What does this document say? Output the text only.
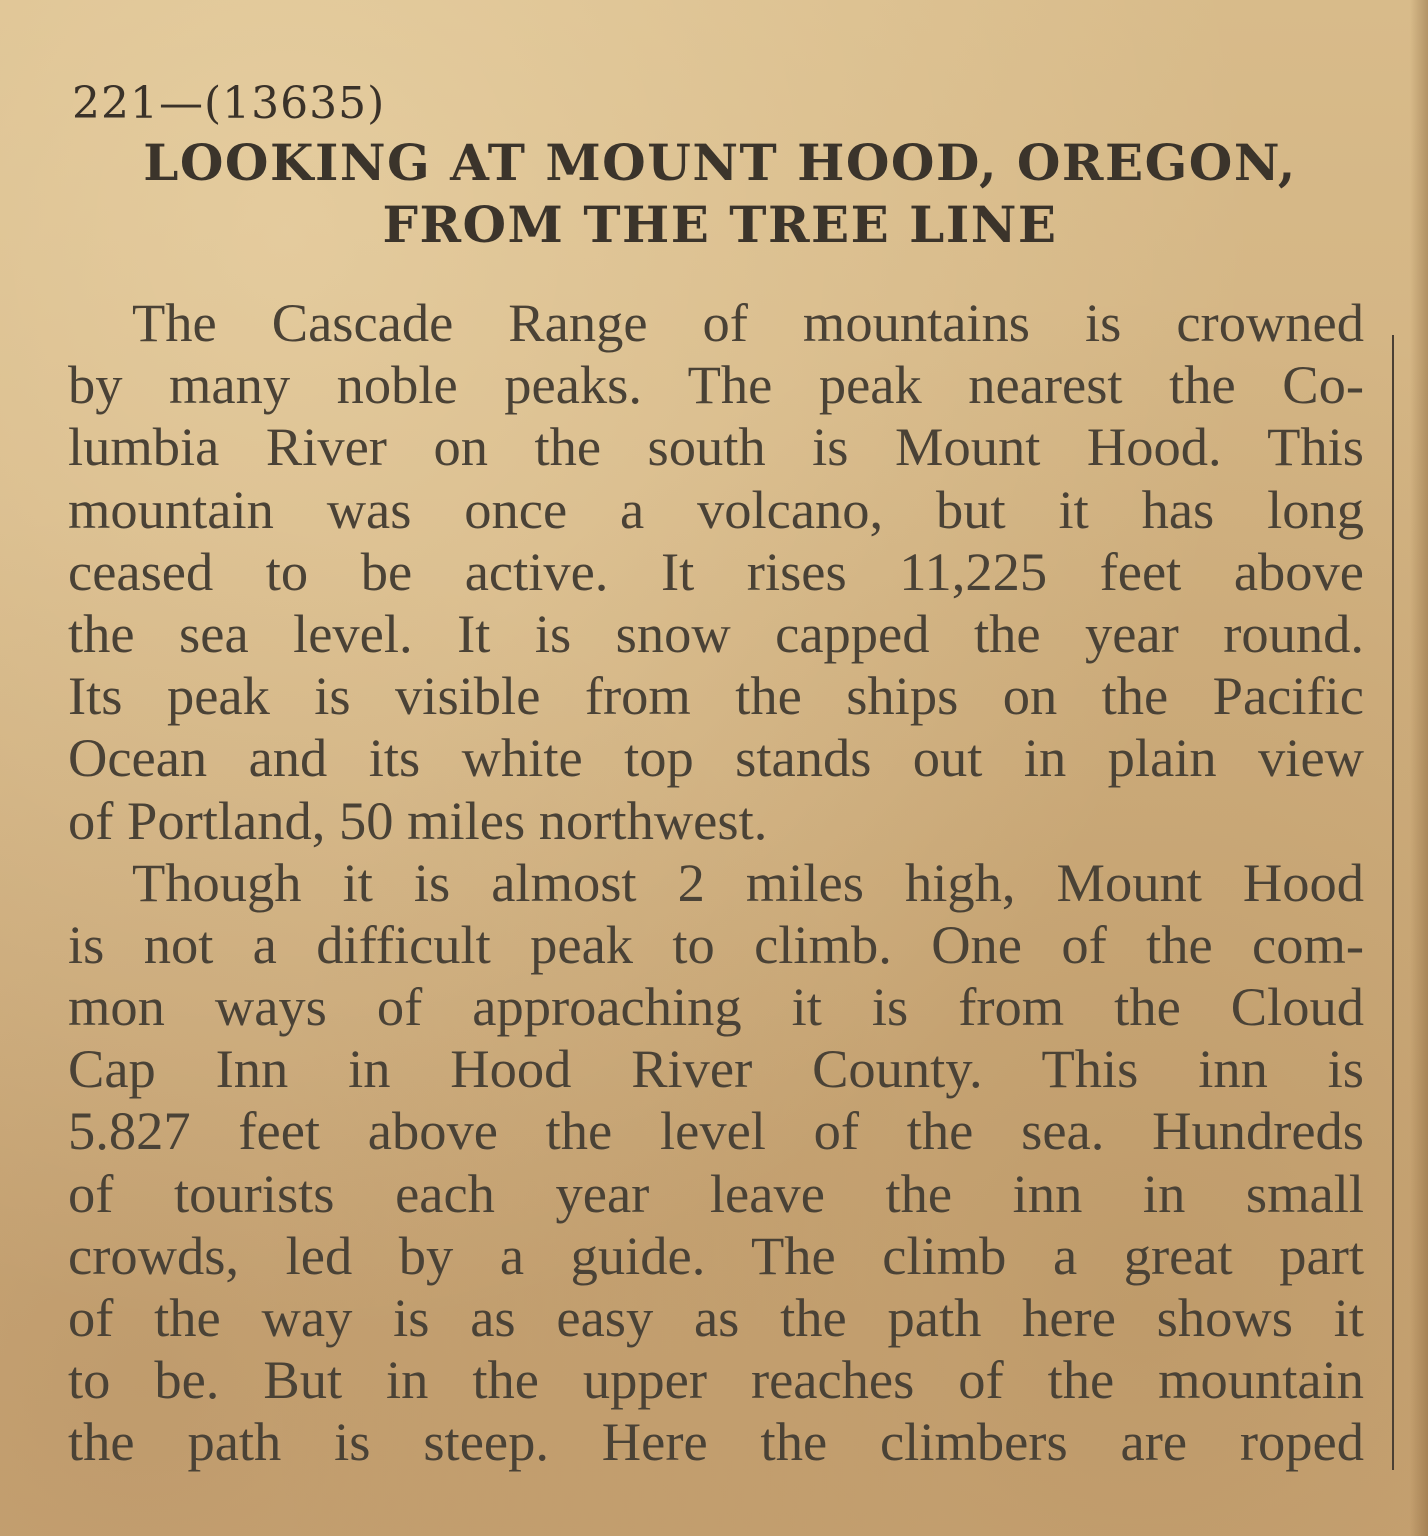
221—(13635)
LOOKING AT MOUNT HOOD, OREGON,
FROM THE TREE LINE
The Cascade Range of mountains is crowned
by many noble peaks. The peak nearest the Co-
lumbia River on the south is Mount Hood. This
mountain was once a volcano, but it has long
ceased to be active. It rises 11,225 feet above
the sea level. It is snow capped the year round.
Its peak is visible from the ships on the Pacific
Ocean and its white top stands out in plain view
of Portland, 50 miles northwest.
Though it is almost 2 miles high, Mount Hood
is not a difficult peak to climb. One of the com-
mon ways of approaching it is from the Cloud
Cap Inn in Hood River County. This inn is
5.827 feet above the level of the sea. Hundreds
of tourists each year leave the inn in small
crowds, led by a guide. The climb a great part
of the way is as easy as the path here shows it
to be. But in the upper reaches of the mountain
the path is steep. Here the climbers are roped
